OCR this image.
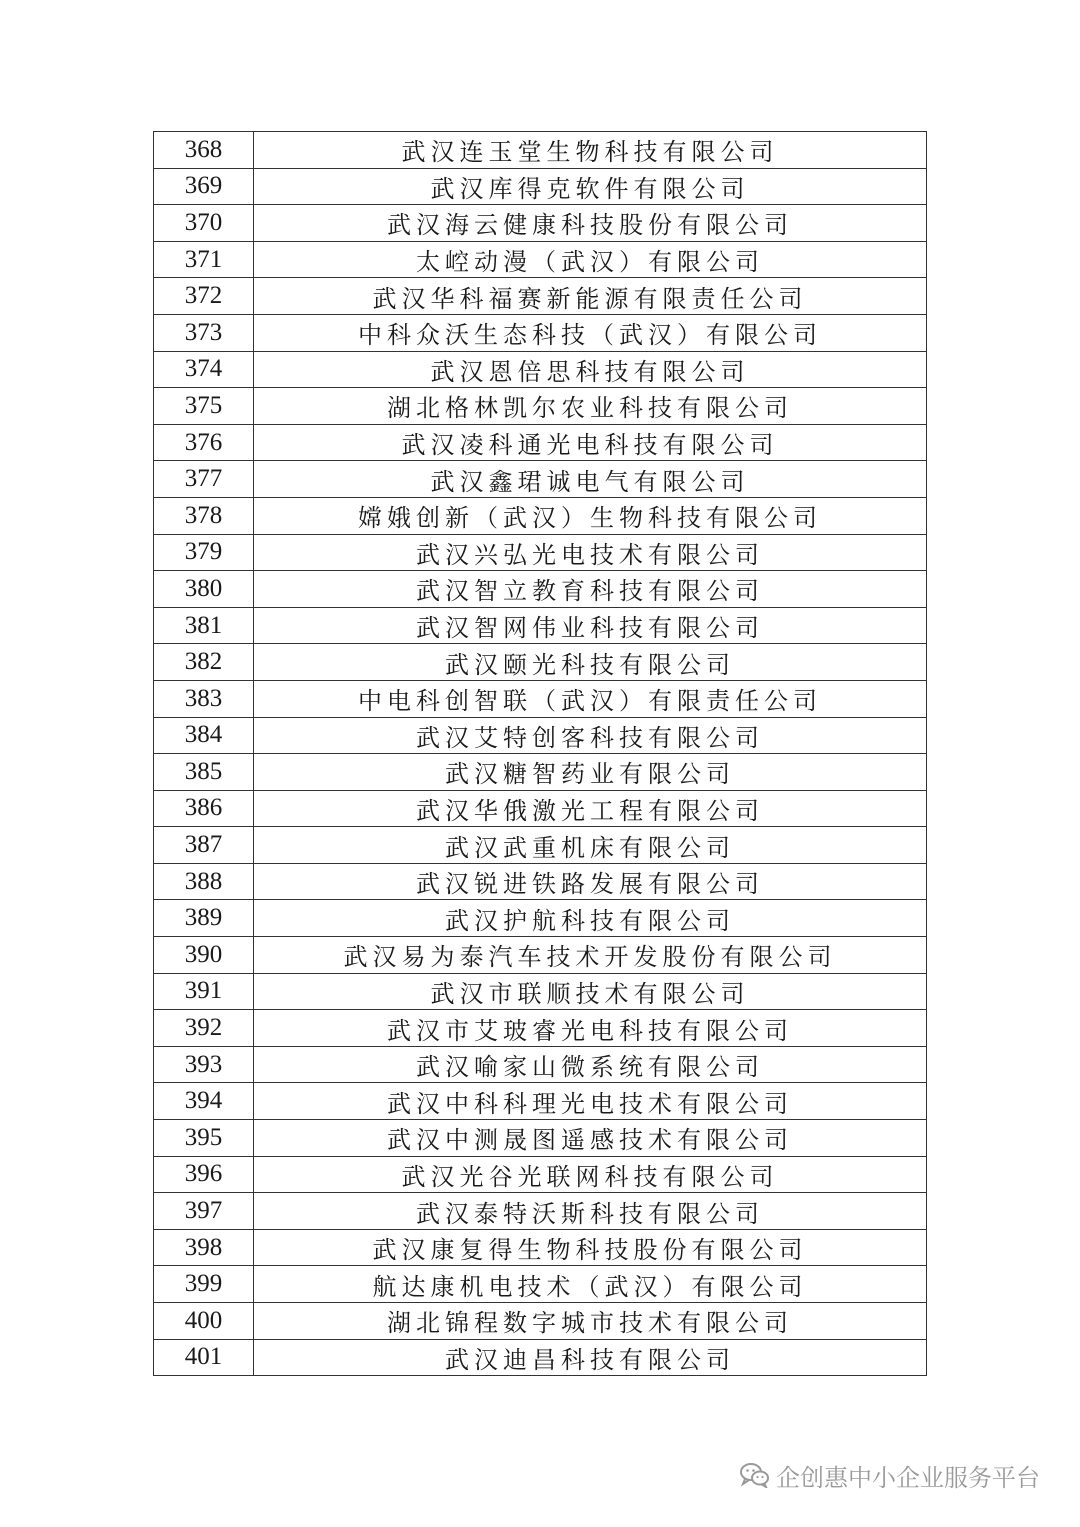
368	武汉连玉堂生物科技有限公司
369	武汉库得克软件有限公司
370	武汉海云健康科技股份有限公司
371	太崆动漫（武汉）有限公司
372	武汉华科福赛新能源有限责任公司
373	中科众沃生态科技（武汉）有限公司
374	武汉恩倍思科技有限公司
375	湖北格林凯尔农业科技有限公司
376	武汉凌科通光电科技有限公司
377	武汉鑫珺诚电气有限公司
378	嫦娥创新（武汉）生物科技有限公司
379	武汉兴弘光电技术有限公司
380	武汉智立教育科技有限公司
381	武汉智网伟业科技有限公司
382	武汉颐光科技有限公司
383	中电科创智联（武汉）有限责任公司
384	武汉艾特创客科技有限公司
385	武汉糖智药业有限公司
386	武汉华俄激光工程有限公司
387	武汉武重机床有限公司
388	武汉锐进铁路发展有限公司
389	武汉护航科技有限公司
390	武汉易为泰汽车技术开发股份有限公司
391	武汉市联顺技术有限公司
392	武汉市艾玻睿光电科技有限公司
393	武汉喻家山微系统有限公司
394	武汉中科科理光电技术有限公司
395	武汉中测晟图遥感技术有限公司
396	武汉光谷光联网科技有限公司
397	武汉泰特沃斯科技有限公司
398	武汉康复得生物科技股份有限公司
399	航达康机电技术（武汉）有限公司
400	湖北锦程数字城市技术有限公司
401	武汉迪昌科技有限公司
企创惠中小企业服务平台
